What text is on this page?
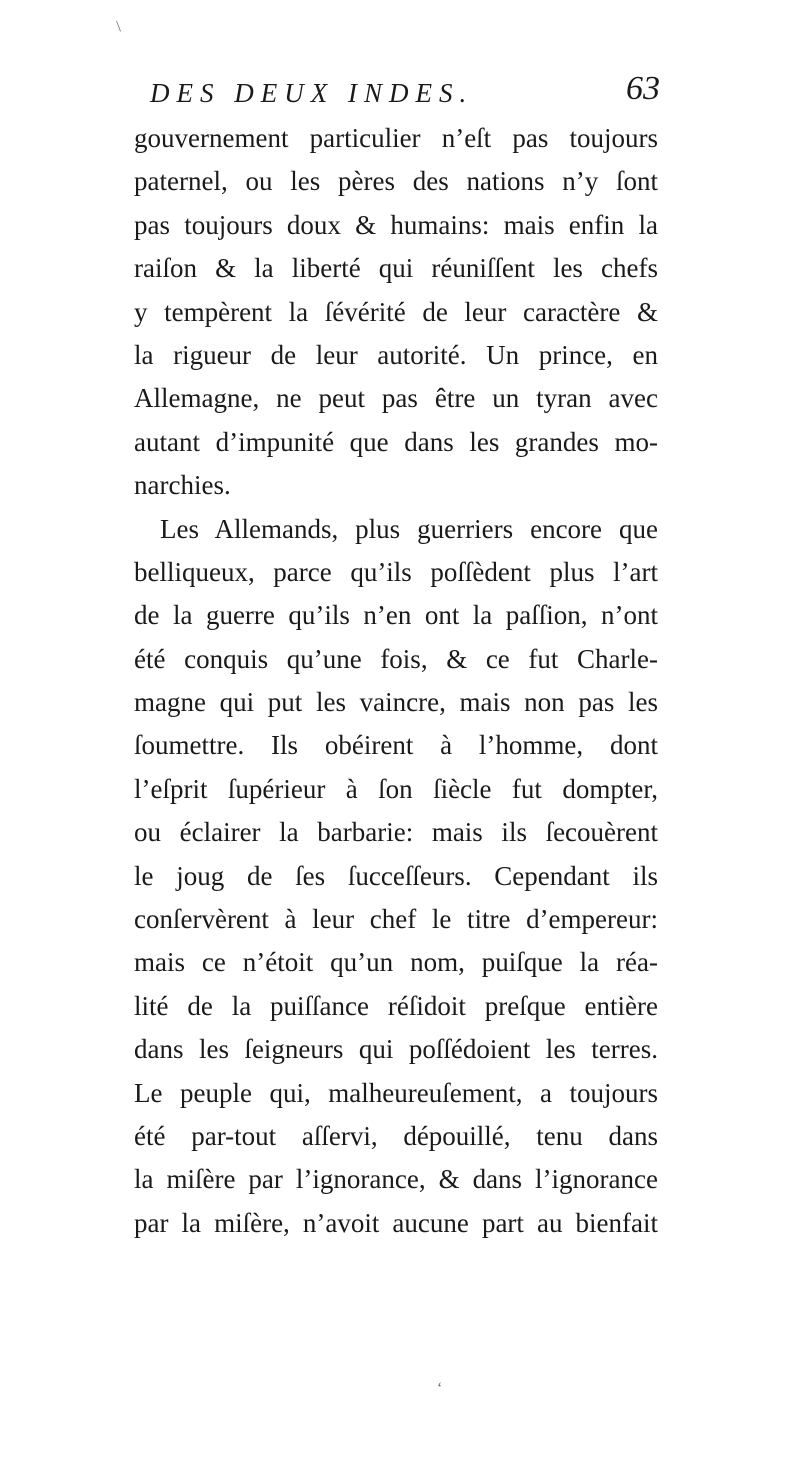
/
DES DEUX INDES.	63
gouvernement particulier n’eſt pas toujours
paternel, ou les pères des nations n’y ſont
pas toujours doux & humains: mais enfin la
raiſon & la liberté qui réuniſſent les chefs
y tempèrent la ſévérité de leur caractère &
la rigueur de leur autorité. Un prince, en
Allemagne, ne peut pas être un tyran avec
autant d’impunité que dans les grandes mo-
narchies.
Les Allemands, plus guerriers encore que
belliqueux, parce qu’ils poſſèdent plus l’art
de la guerre qu’ils n’en ont la paſſion, n’ont
été conquis qu’une fois, & ce fut Charle-
magne qui put les vaincre, mais non pas les
ſoumettre. Ils obéirent à l’homme, dont
l’eſprit ſupérieur à ſon ſiècle fut dompter,
ou éclairer la barbarie: mais ils ſecouèrent
le joug de ſes ſucceſſeurs. Cependant ils
conſervèrent à leur chef le titre d’empereur:
mais ce n’étoit qu’un nom, puiſque la réa-
lité de la puiſſance réſidoit preſque entière
dans les ſeigneurs qui poſſédoient les terres.
Le peuple qui, malheureuſement, a toujours
été par-tout aſſervi, dépouillé, tenu dans
la miſère par l’ignorance, & dans l’ignorance
par la miſère, n’avoit aucune part au bienfait
‘
